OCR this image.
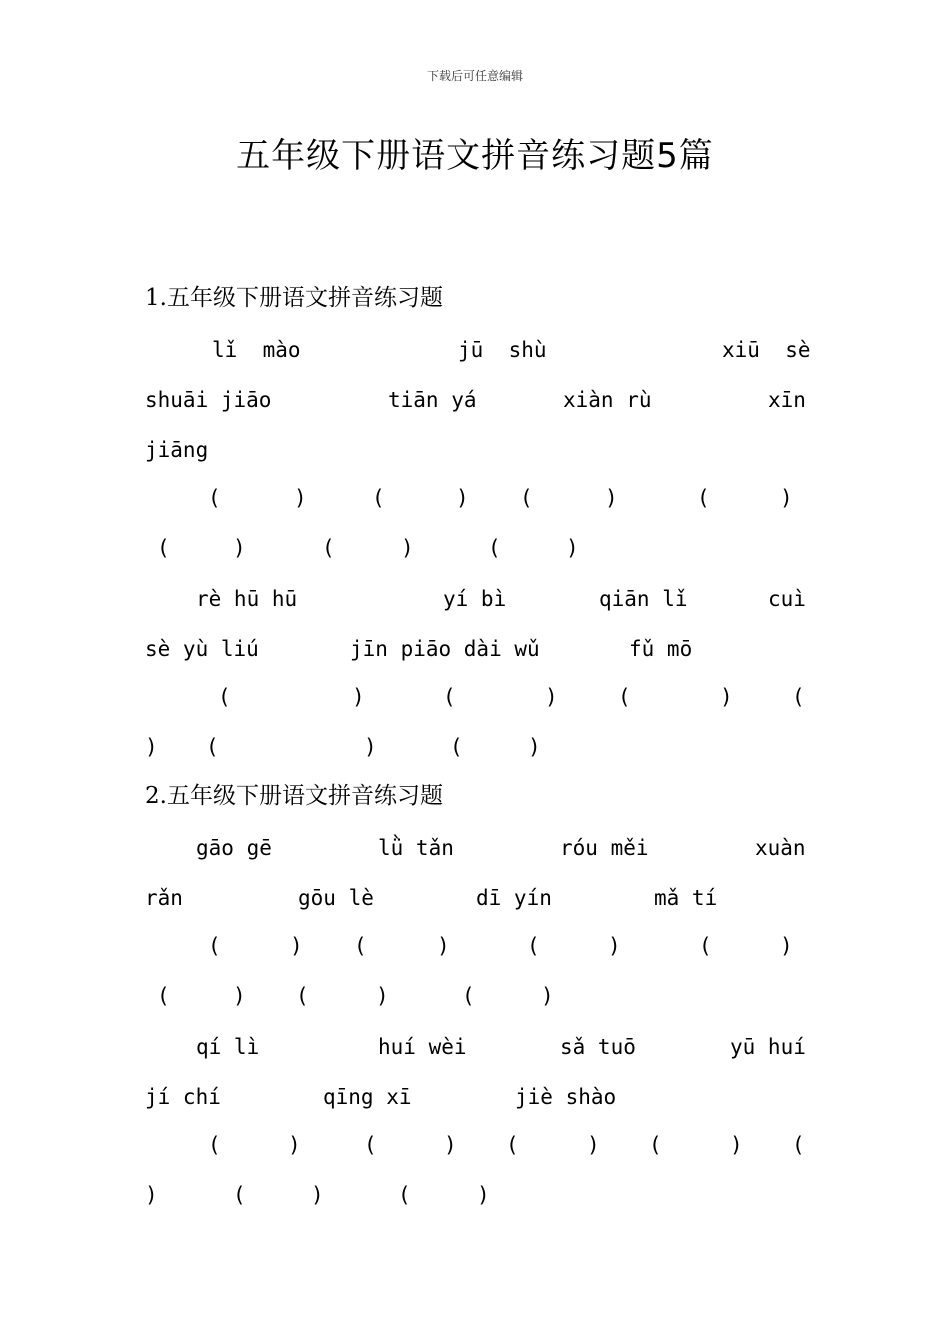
下载后可任意编辑
五年级下册语文拼音练习题5篇
1.五年级下册语文拼音练习题
lǐ  mào	jū  shù	xiū  sè
shuāi jiāo	tiān yá	xiàn rù	xīn
jiāng
(	)	(	) (	)	(	)
(	)	(	)	(	)
rè hū hū	yí bì	qiān lǐ	cuì
sè yù liú	jīn piāo dài wǔ	fǔ mō
(	)	(	)	(	)	(
) (	)	(	)
2.五年级下册语文拼音练习题
gāo gē	lǜ tǎn	róu měi	xuàn
rǎn	gōu lè	dī yín	mǎ tí
(	) (	)	(	)	(	)
(	) (	)	(	)
qí lì	huí wèi	sǎ tuō	yū huí
jí chí	qīng xī	jiè shào
(	)	(	) (	) (	) (
)	(	)	(	)
